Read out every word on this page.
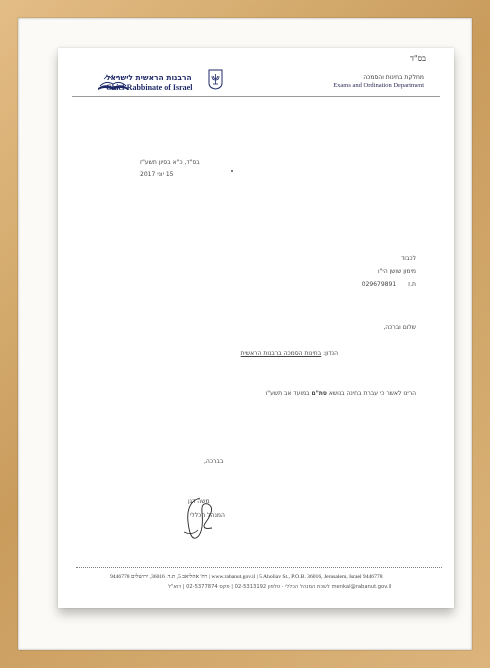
בס"ד
הרבנות הראשית לישראל
Chief Rabbinate of Israel
מחלקת בחינות והסמכה
Exams and Ordination Department
בס"ד, כ"א בסיון תשע"ז
15 יוני 2017
לכבוד
מימון שושן הי"ו
029679891 ת.ז
שלום וברכה,
הנדון: בחינות הסמכה ברבנות הראשית
הרינו לאשר כי עברת בחינה בנושא סת"ם במועד אב תשע"ו
בברכה,
משה דגן
המנהל הכללי
רח' אהליאב 5, ת.ד. 36016, ירושלים 9446778 | www.rabanut.gov.il | 5 Aholiav St., P.O.B. 36016, Jerusalem, Israel 9446778
לשכת המנהל הכללי · טלפון 02-5313192 | פקס 02-5377874 | דוא"ל menkal@rabanut.gov.il
